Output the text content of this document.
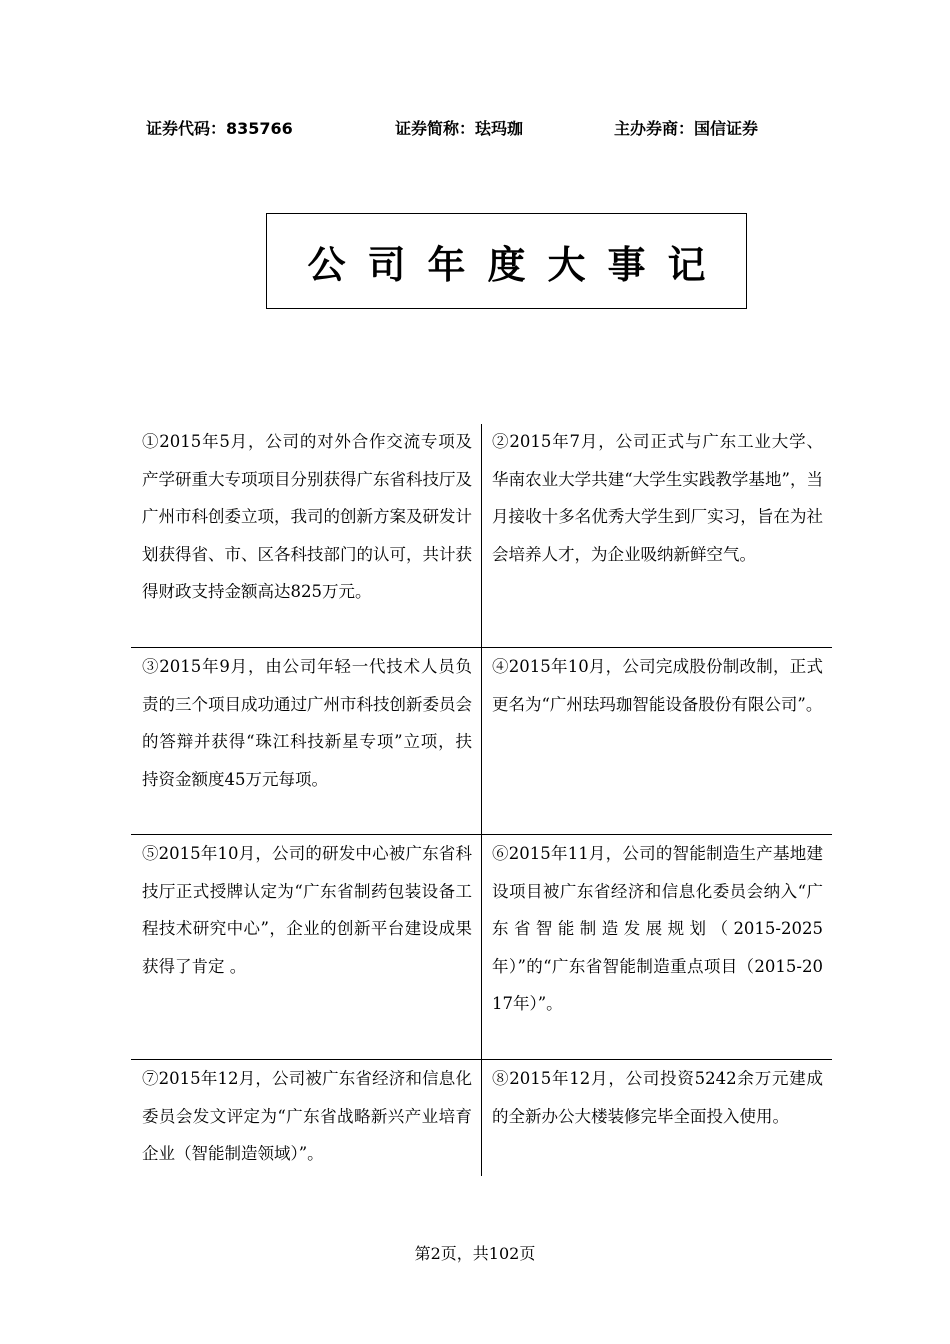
证券代码：835766	证券简称：珐玛珈	主办券商：国信证券
公司年度大事记
①2015年5月，公司的对外合作交流专项及产学研重大专项项目分别获得广东省科技厅及广州市科创委立项，我司的创新方案及研发计划获得省、市、区各科技部门的认可，共计获得财政支持金额高达825万元。
②2015年7月，公司正式与广东工业大学、华南农业大学共建“大学生实践教学基地”，当月接收十多名优秀大学生到厂实习，旨在为社会培养人才，为企业吸纳新鲜空气。
③2015年9月，由公司年轻一代技术人员负责的三个项目成功通过广州市科技创新委员会的答辩并获得“珠江科技新星专项”立项，扶持资金额度45万元每项。
④2015年10月，公司完成股份制改制，正式更名为“广州珐玛珈智能设备股份有限公司”。
⑤2015年10月，公司的研发中心被广东省科技厅正式授牌认定为“广东省制药包装设备工程技术研究中心”，企业的创新平台建设成果获得了肯定 。
⑥2015年11月，公司的智能制造生产基地建设项目被广东省经济和信息化委员会纳入“广东省智能制造发展规划（2015-2025年）”的“广东省智能制造重点项目（2015-2017年）”。
⑦2015年12月，公司被广东省经济和信息化委员会发文评定为“广东省战略新兴产业培育企业（智能制造领域）”。
⑧2015年12月，公司投资5242余万元建成的全新办公大楼装修完毕全面投入使用。
第2页，共102页
